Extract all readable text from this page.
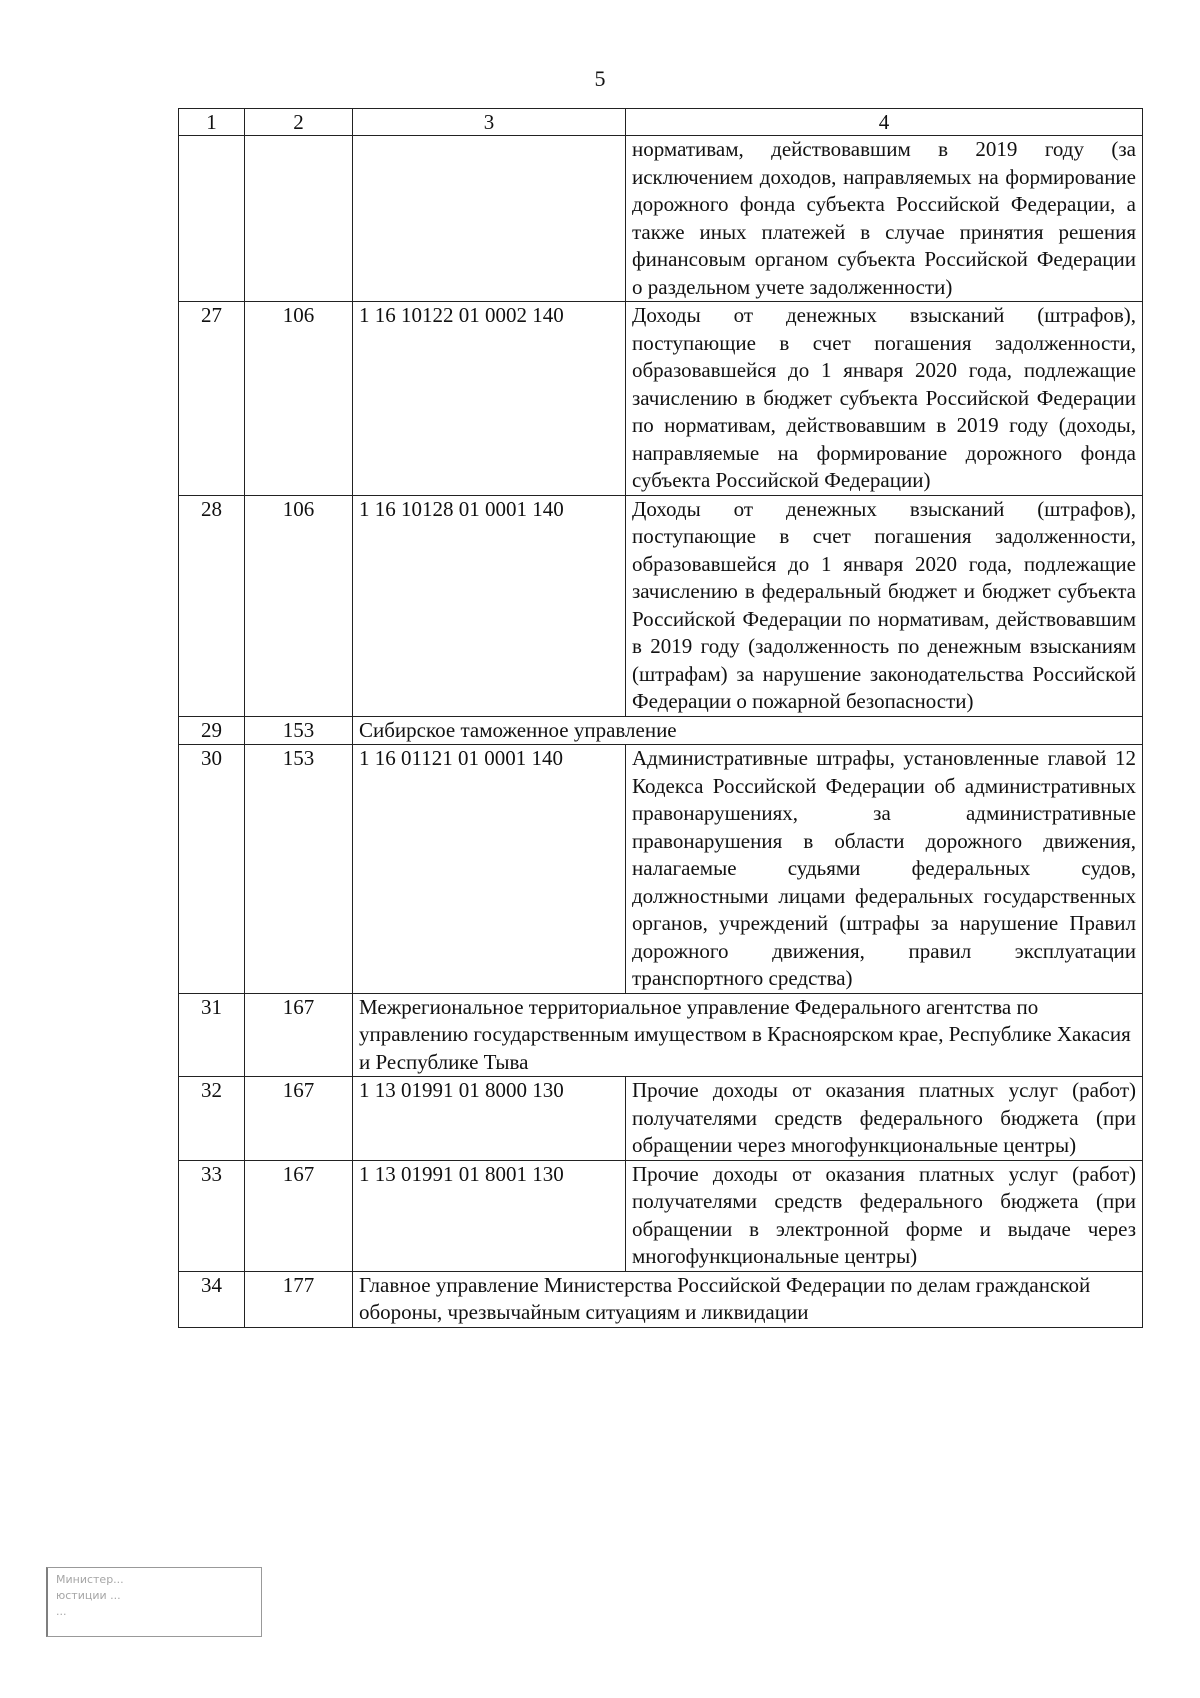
5
1	2	3	4
			нормативам, действовавшим в 2019 году (за исключением доходов, направляемых на формирование дорожного фонда субъекта Российской Федерации, а также иных платежей в случае принятия решения финансовым органом субъекта Российской Федерации о раздельном учете задолженности)
27	106	1 16 10122 01 0002 140	Доходы от денежных взысканий (штрафов), поступающие в счет погашения задолженности, образовавшейся до 1 января 2020 года, подлежащие зачислению в бюджет субъекта Российской Федерации по нормативам, действовавшим в 2019 году (доходы, направляемые на формирование дорожного фонда субъекта Российской Федерации)
28	106	1 16 10128 01 0001 140	Доходы от денежных взысканий (штрафов), поступающие в счет погашения задолженности, образовавшейся до 1 января 2020 года, подлежащие зачислению в федеральный бюджет и бюджет субъекта Российской Федерации по нормативам, действовавшим в 2019 году (задолженность по денежным взысканиям (штрафам) за нарушение законодательства Российской Федерации о пожарной безопасности)
29	153	Сибирское таможенное управление	
30	153	1 16 01121 01 0001 140	Административные штрафы, установленные главой 12 Кодекса Российской Федерации об административных правонарушениях, за административные правонарушения в области дорожного движения, налагаемые судьями федеральных судов, должностными лицами федеральных государственных органов, учреждений (штрафы за нарушение Правил дорожного движения, правил эксплуатации транспортного средства)
31	167	Межрегиональное территориальное управление Федерального агентства по управлению государственным имуществом в Красноярском крае, Республике Хакасия и Республике Тыва	
32	167	1 13 01991 01 8000 130	Прочие доходы от оказания платных услуг (работ) получателями средств федерального бюджета (при обращении через многофункциональные центры)
33	167	1 13 01991 01 8001 130	Прочие доходы от оказания платных услуг (работ) получателями средств федерального бюджета (при обращении в электронной форме и выдаче через многофункциональные центры)
34	177	Главное управление Министерства Российской Федерации по делам гражданской обороны, чрезвычайным ситуациям и ликвидации	
Министер...
юстиции ...
...
